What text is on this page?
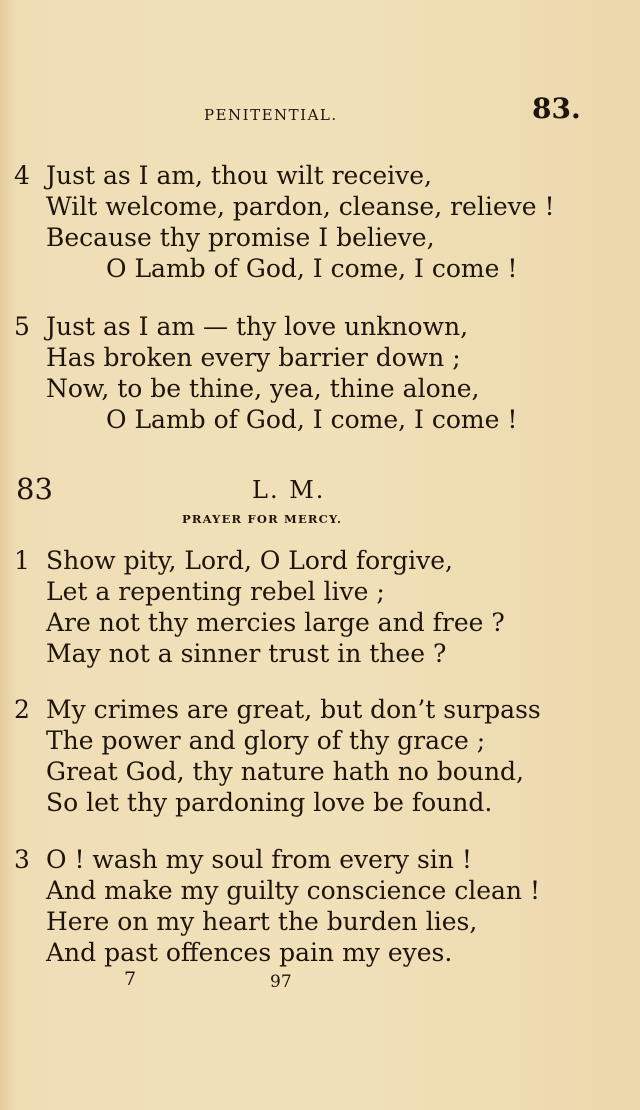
PENITENTIAL.	83.
4 Just as I am, thou wilt receive,
Wilt welcome, pardon, cleanse, relieve !
Because thy promise I believe,
O Lamb of God, I come, I come !
5 Just as I am — thy love unknown,
Has broken every barrier down ;
Now, to be thine, yea, thine alone,
O Lamb of God, I come, I come !
83	L. M.
PRAYER FOR MERCY.
1 Show pity, Lord, O Lord forgive,
Let a repenting rebel live ;
Are not thy mercies large and free ?
May not a sinner trust in thee ?
2 My crimes are great, but don’t surpass
The power and glory of thy grace ;
Great God, thy nature hath no bound,
So let thy pardoning love be found.
3 O ! wash my soul from every sin !
And make my guilty conscience clean !
Here on my heart the burden lies,
And past offences pain my eyes.
7	97
